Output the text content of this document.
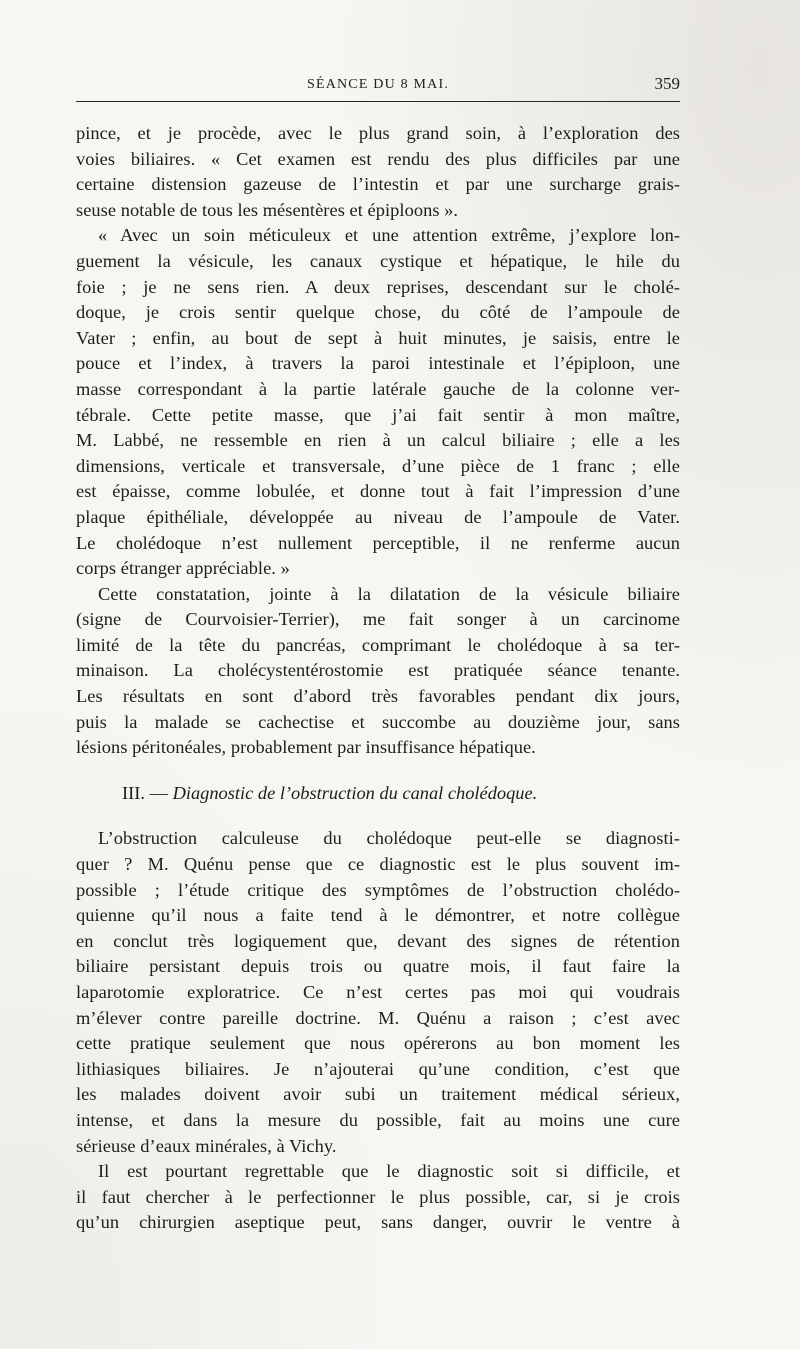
SÉANCE DU 8 MAI.	359
pince, et je procède, avec le plus grand soin, à l’exploration des
voies biliaires. « Cet examen est rendu des plus difficiles par une
certaine distension gazeuse de l’intestin et par une surcharge grais-
seuse notable de tous les mésentères et épiploons ».
« Avec un soin méticuleux et une attention extrême, j’explore lon-
guement la vésicule, les canaux cystique et hépatique, le hile du
foie ; je ne sens rien. A deux reprises, descendant sur le cholé-
doque, je crois sentir quelque chose, du côté de l’ampoule de
Vater ; enfin, au bout de sept à huit minutes, je saisis, entre le
pouce et l’index, à travers la paroi intestinale et l’épiploon, une
masse correspondant à la partie latérale gauche de la colonne ver-
tébrale. Cette petite masse, que j’ai fait sentir à mon maître,
M. Labbé, ne ressemble en rien à un calcul biliaire ; elle a les
dimensions, verticale et transversale, d’une pièce de 1 franc ; elle
est épaisse, comme lobulée, et donne tout à fait l’impression d’une
plaque épithéliale, développée au niveau de l’ampoule de Vater.
Le cholédoque n’est nullement perceptible, il ne renferme aucun
corps étranger appréciable. »
Cette constatation, jointe à la dilatation de la vésicule biliaire
(signe de Courvoisier-Terrier), me fait songer à un carcinome
limité de la tête du pancréas, comprimant le cholédoque à sa ter-
minaison. La cholécystentérostomie est pratiquée séance tenante.
Les résultats en sont d’abord très favorables pendant dix jours,
puis la malade se cachectise et succombe au douzième jour, sans
lésions péritonéales, probablement par insuffisance hépatique.
III. — Diagnostic de l’obstruction du canal cholédoque.
L’obstruction calculeuse du cholédoque peut-elle se diagnosti-
quer ? M. Quénu pense que ce diagnostic est le plus souvent im-
possible ; l’étude critique des symptômes de l’obstruction cholédo-
quienne qu’il nous a faite tend à le démontrer, et notre collègue
en conclut très logiquement que, devant des signes de rétention
biliaire persistant depuis trois ou quatre mois, il faut faire la
laparotomie exploratrice. Ce n’est certes pas moi qui voudrais
m’élever contre pareille doctrine. M. Quénu a raison ; c’est avec
cette pratique seulement que nous opérerons au bon moment les
lithiasiques biliaires. Je n’ajouterai qu’une condition, c’est que
les malades doivent avoir subi un traitement médical sérieux,
intense, et dans la mesure du possible, fait au moins une cure
sérieuse d’eaux minérales, à Vichy.
Il est pourtant regrettable que le diagnostic soit si difficile, et
il faut chercher à le perfectionner le plus possible, car, si je crois
qu’un chirurgien aseptique peut, sans danger, ouvrir le ventre à
